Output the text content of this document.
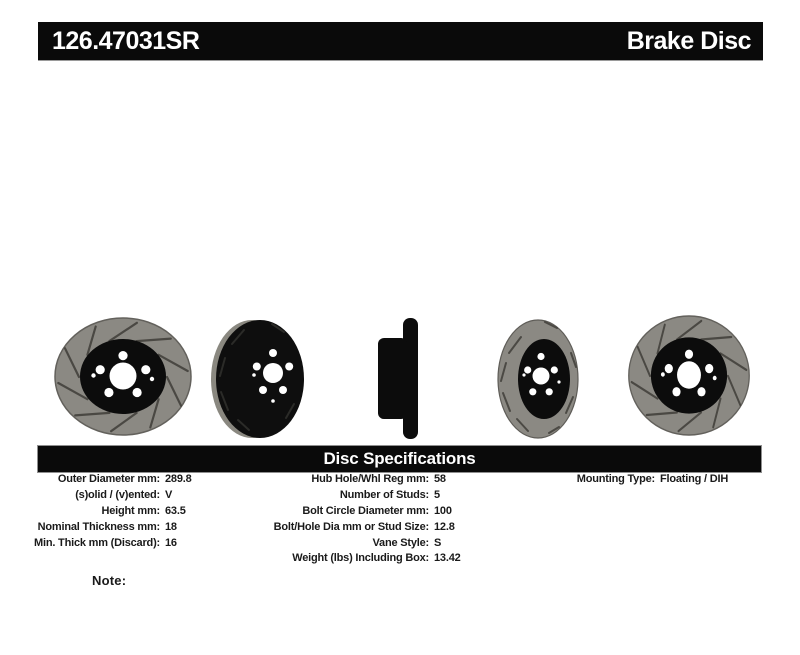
126.47031SR	Brake Disc
Disc Specifications
Outer Diameter mm: 289.8
(s)olid / (v)ented: V
Height mm: 63.5
Nominal Thickness mm: 18
Min. Thick mm (Discard): 16
Hub Hole/Whl Reg mm: 58
Number of Studs: 5
Bolt Circle Diameter mm: 100
Bolt/Hole Dia mm or Stud Size: 12.8
Vane Style: S
Weight (lbs) Including Box: 13.42
Mounting Type: Floating / DIH
Note:
